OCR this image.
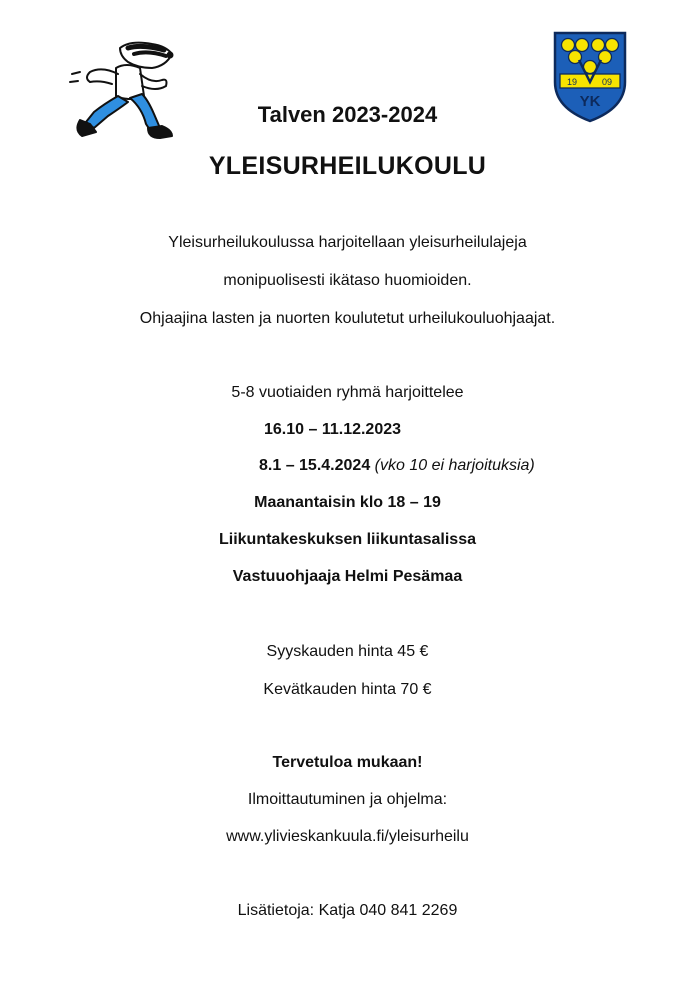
19	09
YK
Talven 2023-2024
YLEISURHEILUKOULU
Yleisurheilukoulussa harjoitellaan yleisurheilulajeja
monipuolisesti ikätaso huomioiden.
Ohjaajina lasten ja nuorten koulutetut urheilukouluohjaajat.
5-8 vuotiaiden ryhmä harjoittelee
16.10 – 11.12.2023
8.1 – 15.4.2024 (vko 10 ei harjoituksia)
Maanantaisin klo 18 – 19
Liikuntakeskuksen liikuntasalissa
Vastuuohjaaja Helmi Pesämaa
Syyskauden hinta 45 €
Kevätkauden hinta 70 €
Tervetuloa mukaan!
Ilmoittautuminen ja ohjelma:
www.ylivieskankuula.fi/yleisurheilu
Lisätietoja: Katja 040 841 2269
